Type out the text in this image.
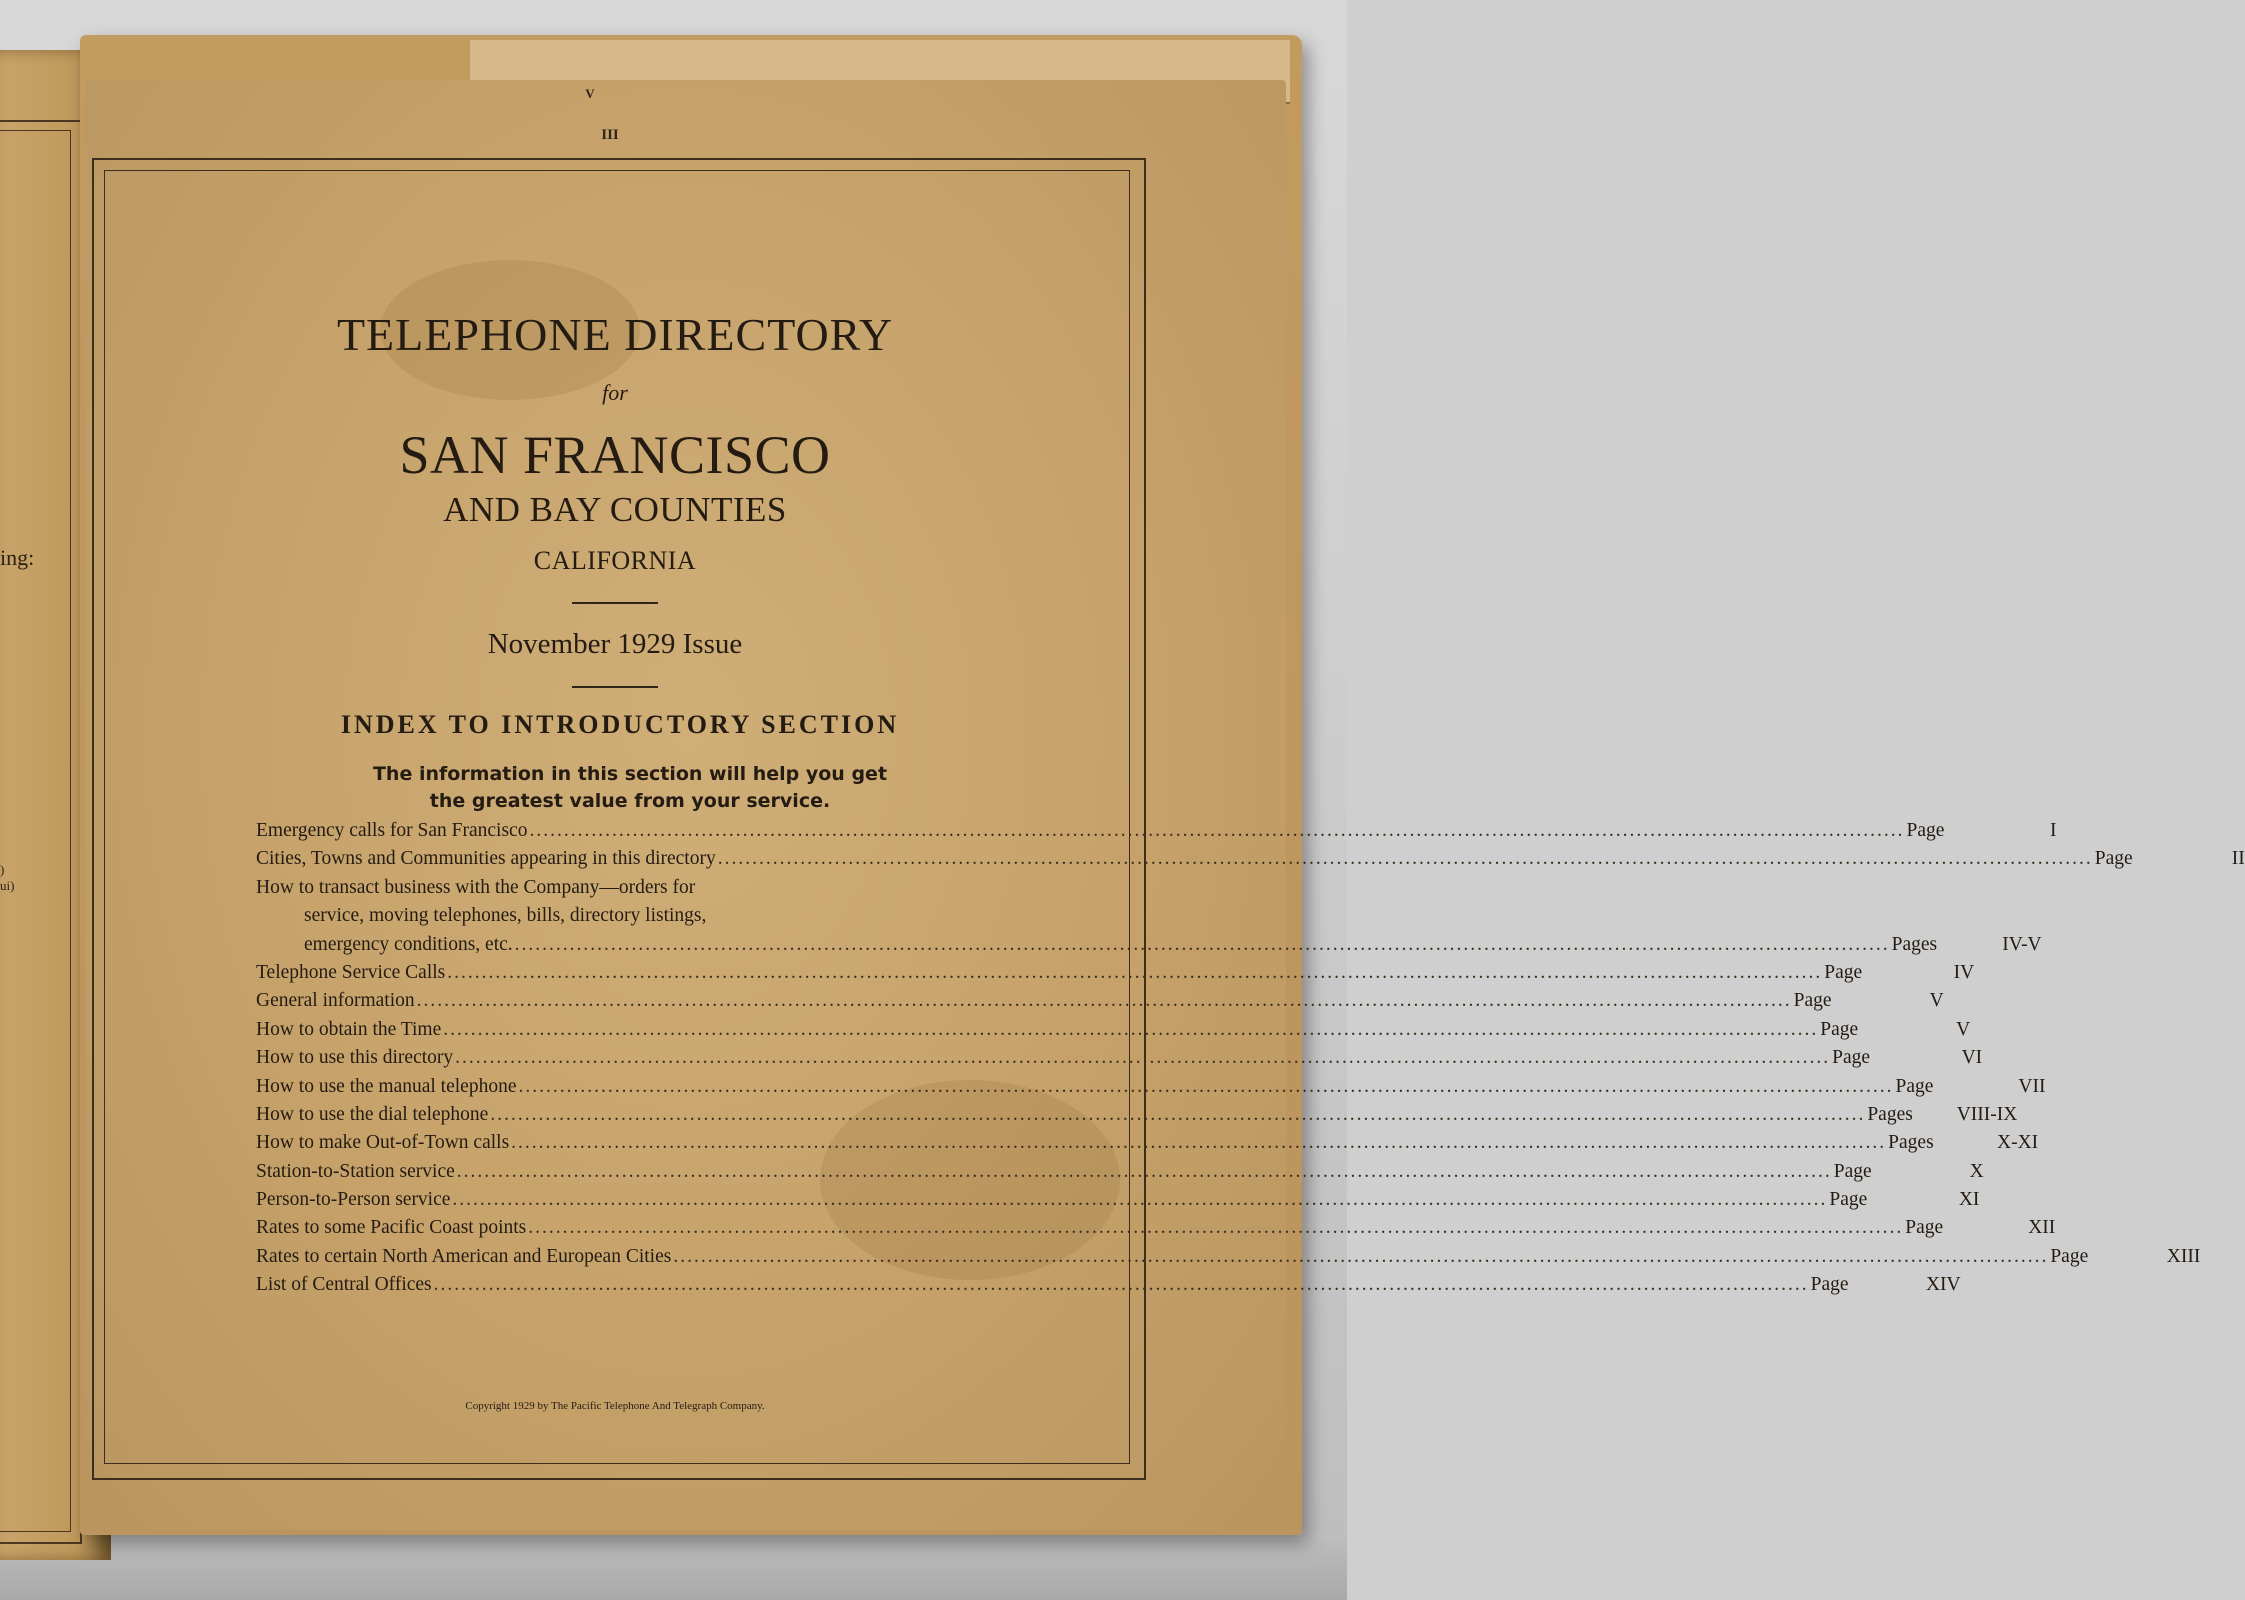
ing:
)
ui)
V
III
TELEPHONE DIRECTORY
for
SAN FRANCISCO
AND BAY COUNTIES
CALIFORNIA
November 1929 Issue
INDEX TO INTRODUCTORY SECTION
The information in this section will help you get
the greatest value from your service.
Emergency calls for San Francisco ........................................................................................................................................................................................................ Page	I
Cities, Towns and Communities appearing in this directory ........................................................................................................................................................................................................ Page	II
How to transact business with the Company—orders for
service, moving telephones, bills, directory listings,
emergency conditions, etc. ........................................................................................................................................................................................................ Pages	IV-V
Telephone Service Calls ........................................................................................................................................................................................................ Page	IV
General information ........................................................................................................................................................................................................ Page	V
How to obtain the Time ........................................................................................................................................................................................................ Page	V
How to use this directory ........................................................................................................................................................................................................ Page	VI
How to use the manual telephone ........................................................................................................................................................................................................ Page	VII
How to use the dial telephone ........................................................................................................................................................................................................ Pages	VIII-IX
How to make Out-of-Town calls ........................................................................................................................................................................................................ Pages	X-XI
Station-to-Station service ........................................................................................................................................................................................................ Page	X
Person-to-Person service ........................................................................................................................................................................................................ Page	XI
Rates to some Pacific Coast points ........................................................................................................................................................................................................ Page	XII
Rates to certain North American and European Cities ........................................................................................................................................................................................................ Page	XIII
List of Central Offices ........................................................................................................................................................................................................ Page	XIV
Copyright 1929 by The Pacific Telephone And Telegraph Company.
